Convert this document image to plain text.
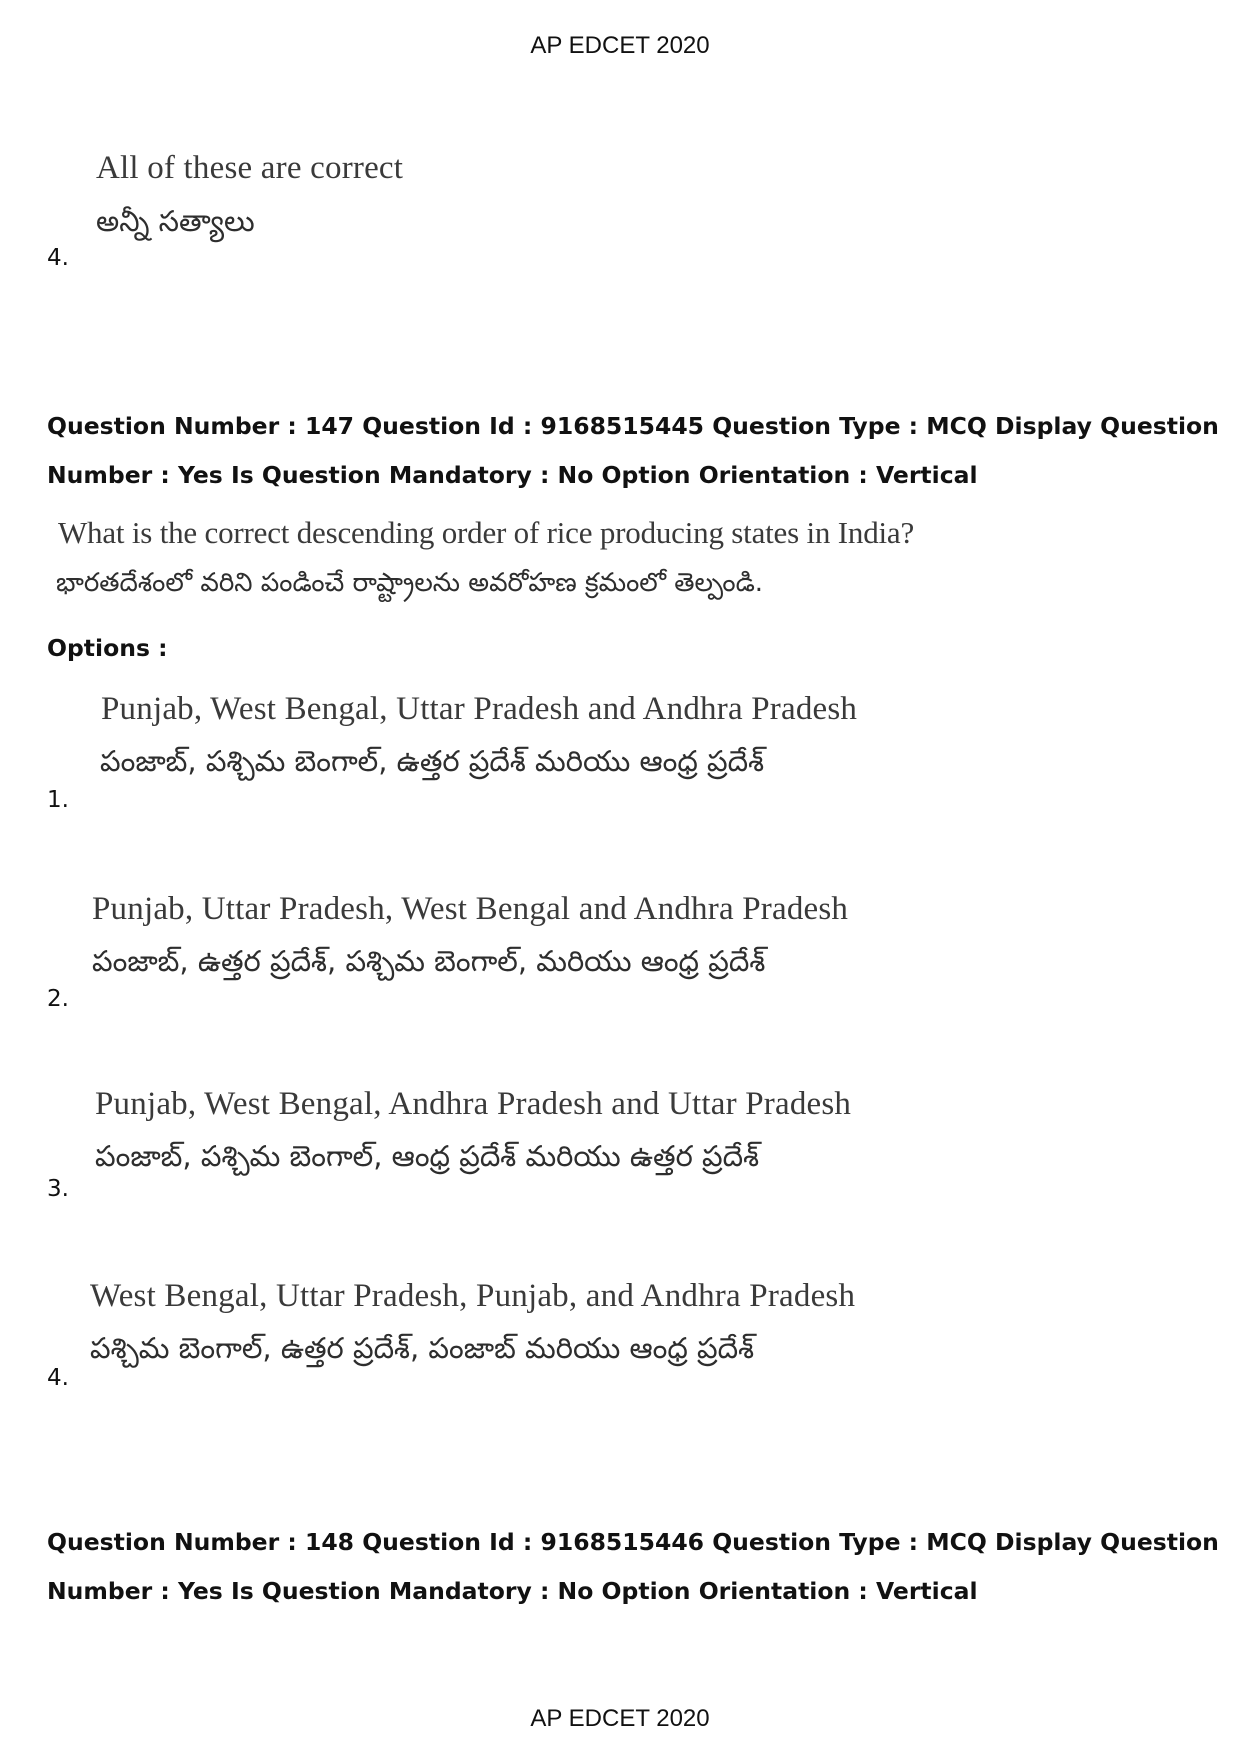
AP EDCET 2020
All of these are correct
అన్నీ సత్యాలు
4.
Question Number : 147 Question Id : 9168515445 Question Type : MCQ Display Question
Number : Yes Is Question Mandatory : No Option Orientation : Vertical
What is the correct descending order of rice producing states in India?
భారతదేశంలో వరిని పండించే రాష్ట్రాలను అవరోహణ క్రమంలో తెల్పండి.
Options :
Punjab, West Bengal, Uttar Pradesh and Andhra Pradesh
పంజాబ్, పశ్చిమ బెంగాల్, ఉత్తర ప్రదేశ్ మరియు ఆంధ్ర ప్రదేశ్
1.
Punjab, Uttar Pradesh, West Bengal and Andhra Pradesh
పంజాబ్, ఉత్తర ప్రదేశ్, పశ్చిమ బెంగాల్, మరియు ఆంధ్ర ప్రదేశ్
2.
Punjab, West Bengal, Andhra Pradesh and Uttar Pradesh
పంజాబ్, పశ్చిమ బెంగాల్, ఆంధ్ర ప్రదేశ్ మరియు ఉత్తర ప్రదేశ్
3.
West Bengal, Uttar Pradesh, Punjab, and Andhra Pradesh
పశ్చిమ బెంగాల్, ఉత్తర ప్రదేశ్, పంజాబ్ మరియు ఆంధ్ర ప్రదేశ్
4.
Question Number : 148 Question Id : 9168515446 Question Type : MCQ Display Question
Number : Yes Is Question Mandatory : No Option Orientation : Vertical
AP EDCET 2020
